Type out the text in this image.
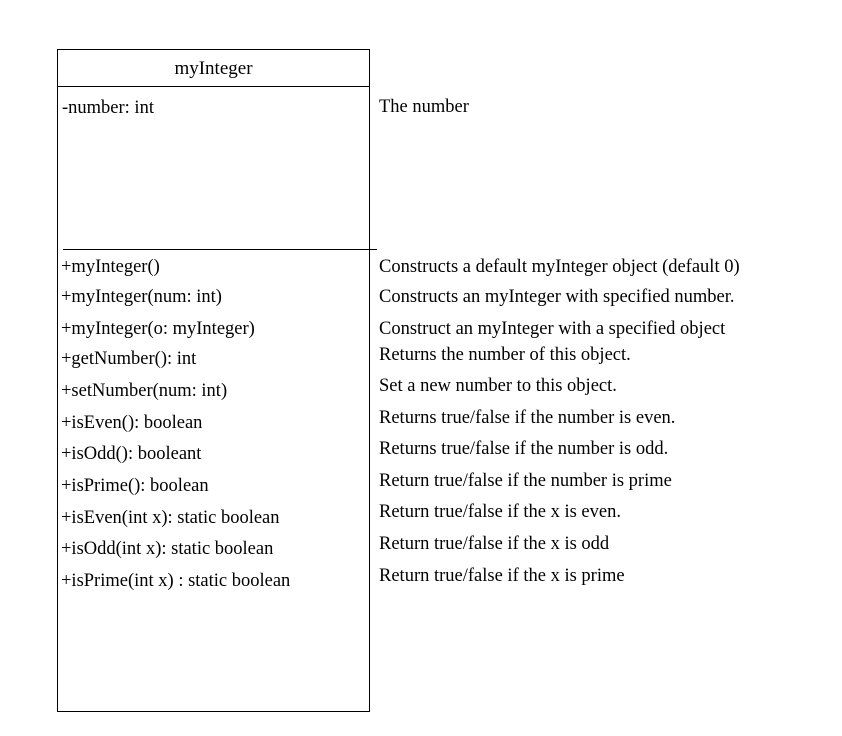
myInteger
-number: int	The number
+myInteger()
+myInteger(num: int)
+myInteger(o: myInteger)
+getNumber(): int
+setNumber(num: int)
+isEven(): boolean
+isOdd(): booleant
+isPrime(): boolean
+isEven(int x): static boolean
+isOdd(int x): static boolean
+isPrime(int x) : static boolean
Constructs a default myInteger object (default 0)
Constructs an myInteger with specified number.
Construct an myInteger with a specified object
Returns the number of this object.
Set a new number to this object.
Returns true/false if the number is even.
Returns true/false if the number is odd.
Return true/false if the number is prime
Return true/false if the x is even.
Return true/false if the x is odd
Return true/false if the x is prime
